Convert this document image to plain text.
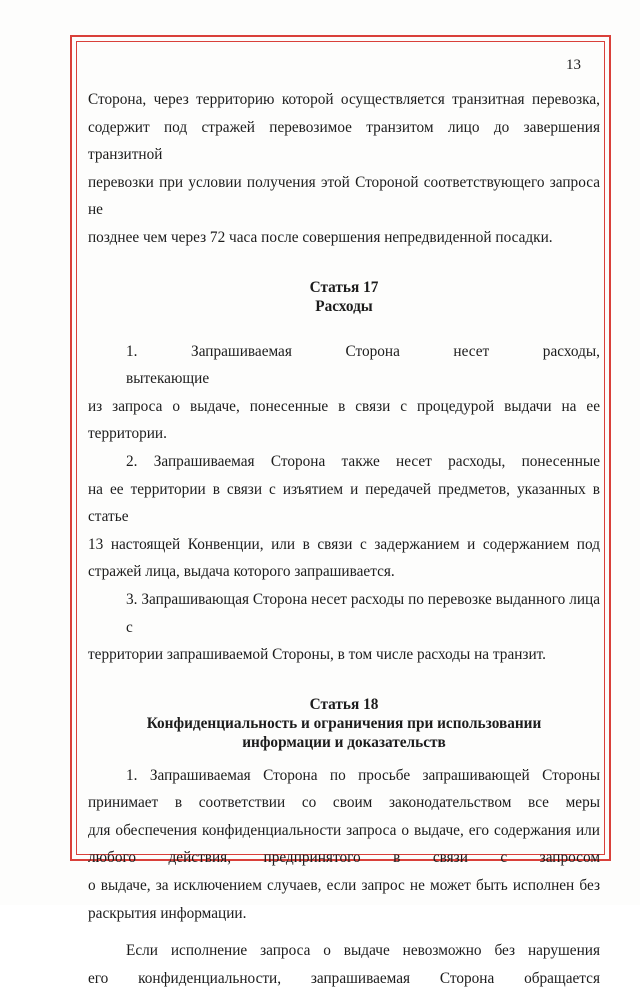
13

Сторона, через территорию которой осуществляется транзитная перевозка,

содержит под стражей перевозимое транзитом лицо до завершения транзитной

перевозки при условии получения этой Стороной соответствующего запроса не

позднее чем через 72 часа после совершения непредвиденной посадки.

Статья 17

Расходы

1. Запрашиваемая Сторона несет расходы, вытекающие

из запроса о выдаче, понесенные в связи с процедурой выдачи на ее

территории.

2. Запрашиваемая Сторона также несет расходы, понесенные

на ее территории в связи с изъятием и передачей предметов, указанных в статье

13 настоящей Конвенции, или в связи с задержанием и содержанием под

стражей лица, выдача которого запрашивается.

3. Запрашивающая Сторона несет расходы по перевозке выданного лица с

территории запрашиваемой Стороны, в том числе расходы на транзит.

Статья 18

Конфиденциальность и ограничения при использовании

информации и доказательств

1. Запрашиваемая Сторона по просьбе запрашивающей Стороны

принимает в соответствии со своим законодательством все меры

для обеспечения конфиденциальности запроса о выдаче, его содержания или

любого действия, предпринятого в связи с запросом

о выдаче, за исключением случаев, если запрос не может быть исполнен без

раскрытия информации.

Если исполнение запроса о выдаче невозможно без нарушения

его конфиденциальности, запрашиваемая Сторона обращается
